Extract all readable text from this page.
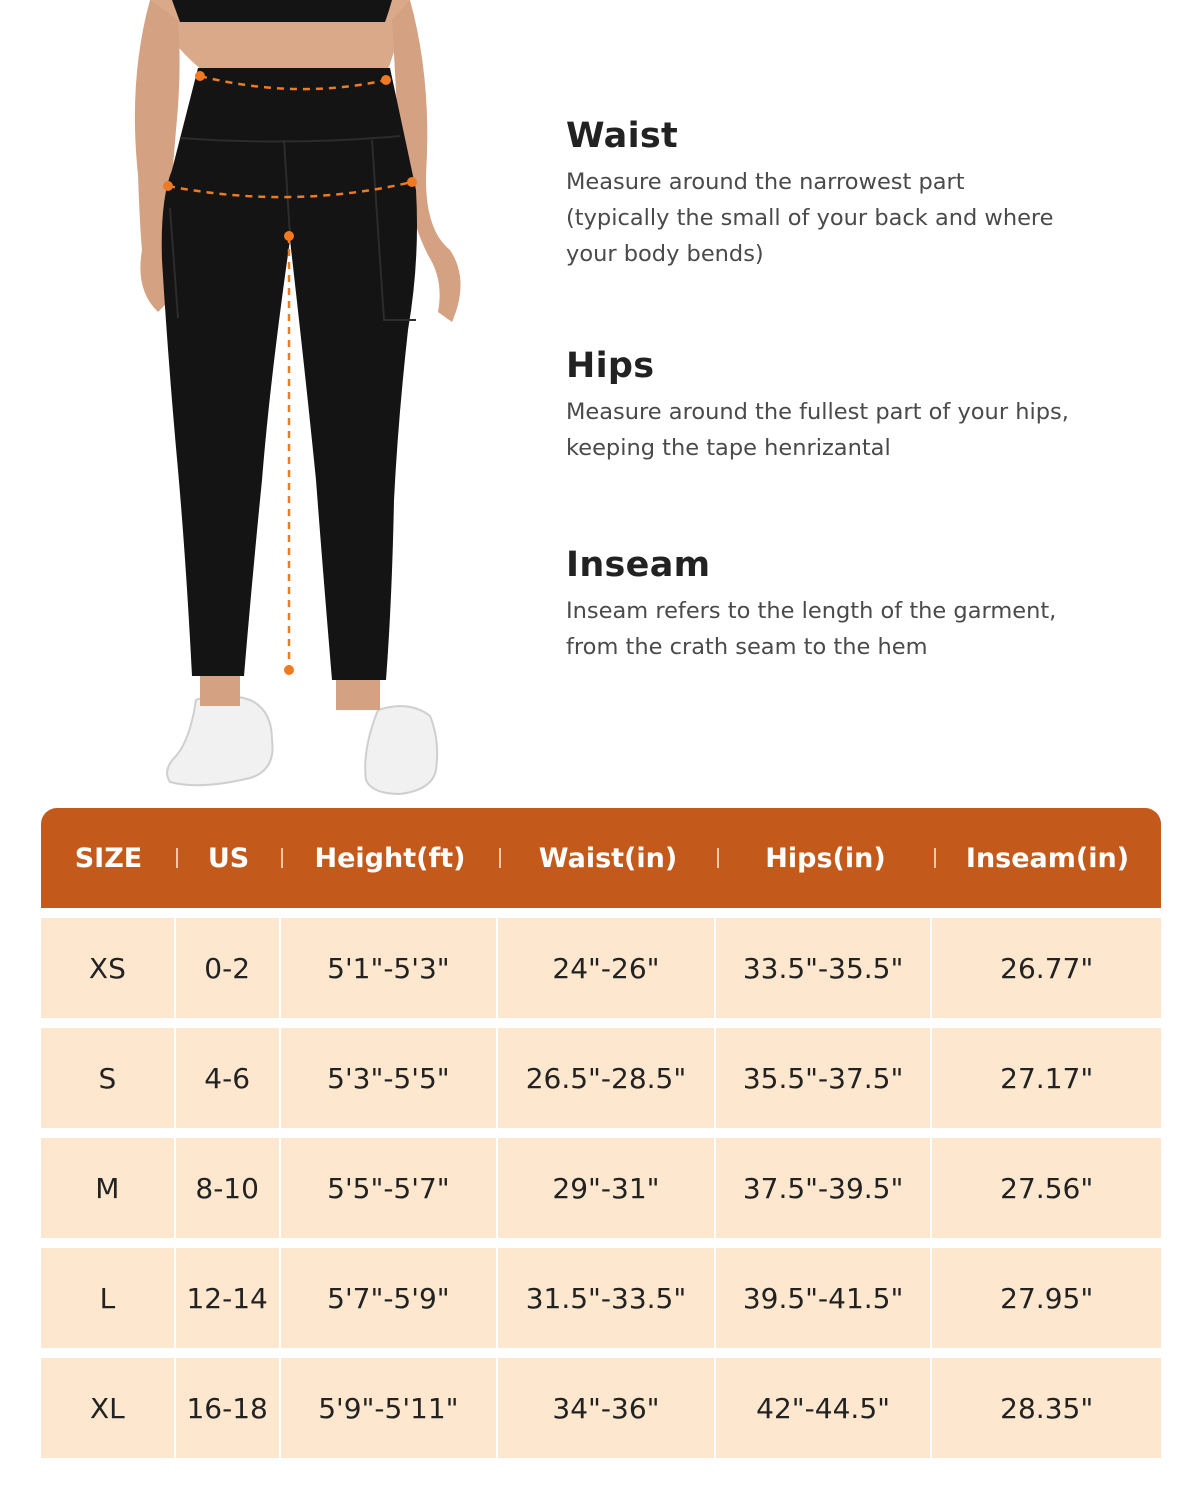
Waist
Measure around the narrowest part
(typically the small of your back and where
your body bends)
Hips
Measure around the fullest part of your hips,
keeping the tape henrizantal
Inseam
Inseam refers to the length of the garment,
from the crath seam to the hem
SIZE	US	Height(ft)	Waist(in)	Hips(in)	Inseam(in)
XS	0-2	5'1"-5'3"	24"-26"	33.5"-35.5"	26.77"
S	4-6	5'3"-5'5"	26.5"-28.5"	35.5"-37.5"	27.17"
M	8-10	5'5"-5'7"	29"-31"	37.5"-39.5"	27.56"
L	12-14	5'7"-5'9"	31.5"-33.5"	39.5"-41.5"	27.95"
XL	16-18	5'9"-5'11"	34"-36"	42"-44.5"	28.35"
